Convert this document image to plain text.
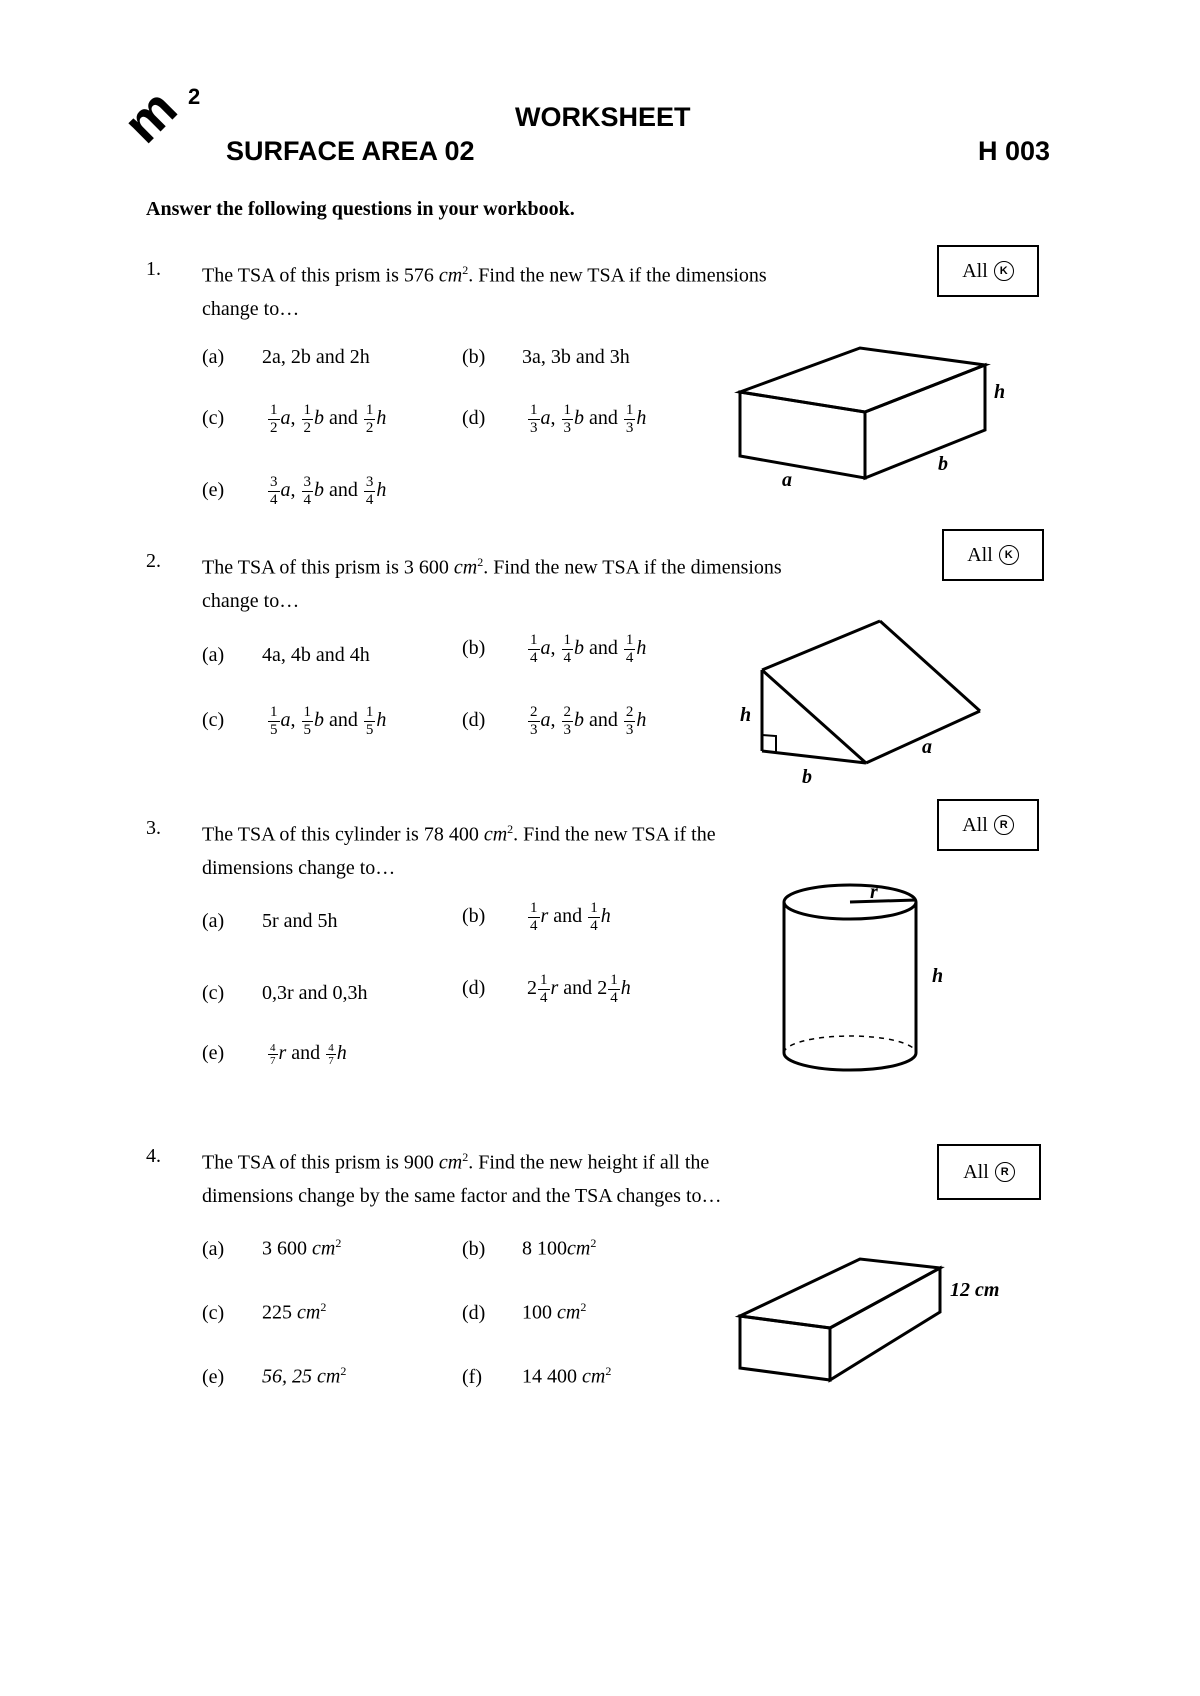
m 2
WORKSHEET
SURFACE AREA 02	H 003
Answer the following questions in your workbook.
1. The TSA of this prism is 576 $cm^2$. Find the new TSA if the dimensions
change to…
All	K
(a) 2a, 2b and 2h	(b) 3a, 3b and 3h
(c)	$\frac{1}{2} a$, $\frac{1}{2}$ b and $\frac{1}{2}$ h	(d)	$\frac{1}{3} a$, $\frac{1}{3}$ b and $\frac{1}{3}$ h
(e)	$\frac{3}{4} a$, $\frac{3}{4}$ b and $\frac{3}{4}$ h
h
a
b
2. The TSA of this prism is 3 600 $cm^2$. Find the new TSA if the dimensions
change to…
All	K
(a) 4a, 4b and 4h	(b)	$\frac{1}{4} a$, $\frac{1}{4}$ b and $\frac{1}{4}$ h
(c)	$\frac{1}{5} a$, $\frac{1}{5}$ b and $\frac{1}{5}$ h	(d)	$\frac{2}{3} a$, $\frac{2}{3}$ b and $\frac{2}{3}$ h	h
a
b
3. The TSA of this cylinder is 78 400 $cm^2$. Find the new TSA if the
dimensions change to…
All	R
(a) 5r and 5h	(b)	$\frac{1}{4}$ r and $\frac{1}{4}$ h
(c) 0,3r and 0,3h	(d) $2 \frac{1}{4}$ r and $2 \frac{1}{4}$ h
(e)	$\frac{4}{7}$ r and $\frac{4}{7}$ h
r
h
4. The TSA of this prism is 900 $cm^2$. Find the new height if all the
dimensions change by the same factor and the TSA changes to…
All	R
(a) 3 600 $cm^2$	(b) 8 $100cm^2$
(c) 225 $cm^2$	(d) 100 $cm^2$
(e) 56, 25 $cm^2$	(f) 14 400 $cm^2$
12 cm
